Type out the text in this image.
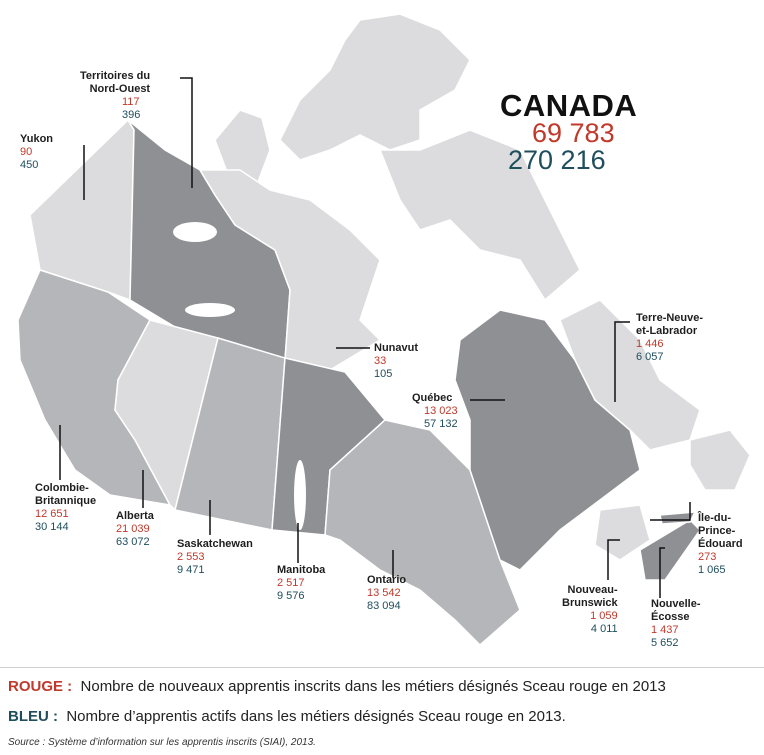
CANADA
69 783
270 216
Yukon
90
450
Territoires du
Nord-Ouest
117
396
Nunavut
33
105
Terre-Neuve-
et-Labrador
1 446
6 057
Québec
13 023
57 132
Colombie-
Britannique
12 651
30 144
Alberta
21 039
63 072	Saskatchewan
2 553
9 471	Manitoba
2 517
9 576
Ontario
13 542
83 094
Nouveau-
Brunswick
1 059
4 011
Nouvelle-
Écosse
1 437
5 652
Île-du-
Prince-
Édouard
273
1 065
ROUGE : Nombre de nouveaux apprentis inscrits dans les métiers désignés Sceau rouge en 2013
BLEU : Nombre d’apprentis actifs dans les métiers désignés Sceau rouge en 2013.
Source : Système d’information sur les apprentis inscrits (SIAI), 2013.
